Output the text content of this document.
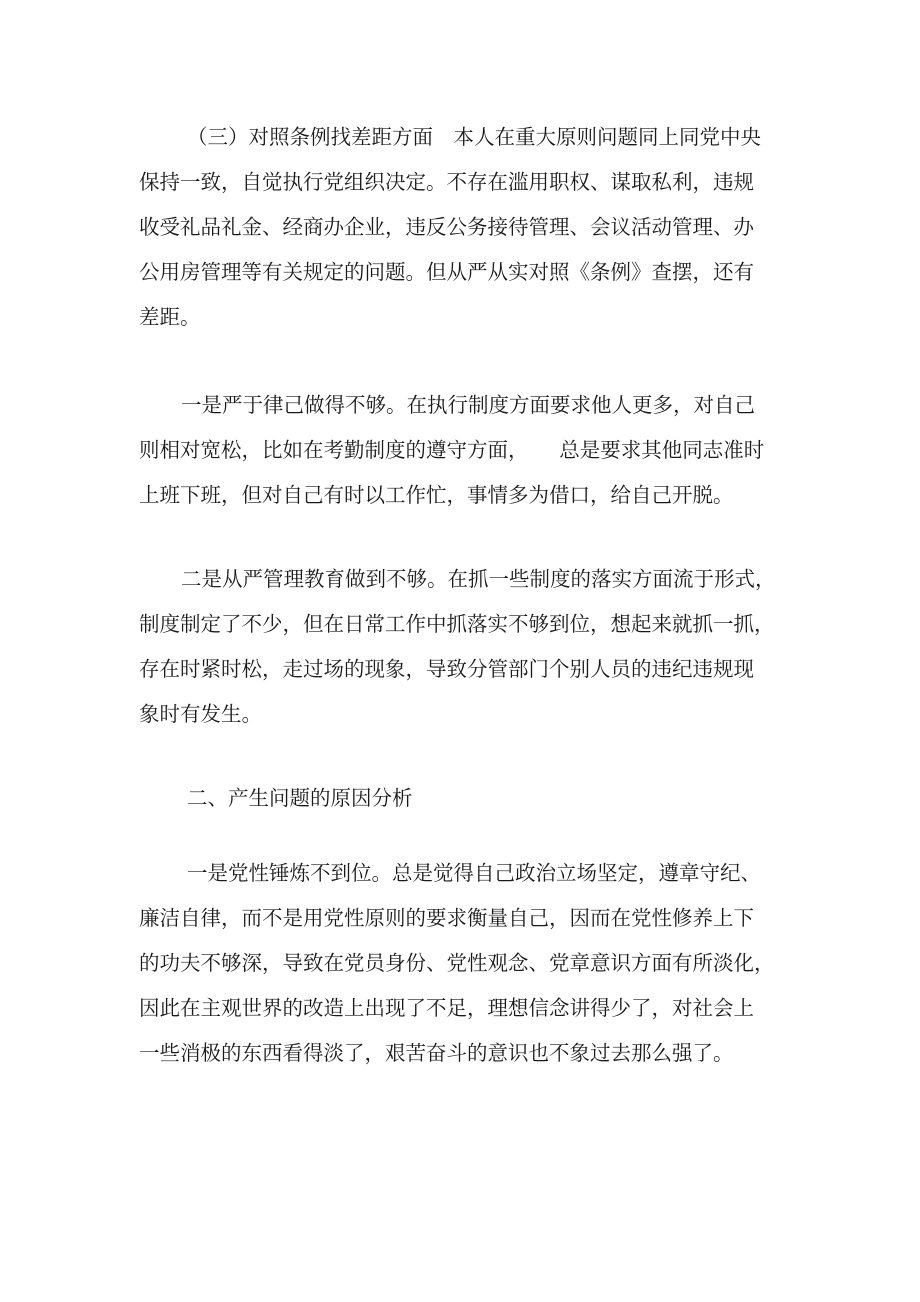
（三）对照条例找差距方面　本人在重大原则问题同上同党中央
保持一致，自觉执行党组织决定。不存在滥用职权、谋取私利，违规
收受礼品礼金、经商办企业，违反公务接待管理、会议活动管理、办
公用房管理等有关规定的问题。但从严从实对照《条例》查摆，还有
差距。
一是严于律己做得不够。在执行制度方面要求他人更多，对自己
则相对宽松，比如在考勤制度的遵守方面，　　总是要求其他同志准时
上班下班，但对自己有时以工作忙，事情多为借口，给自己开脱。
二是从严管理教育做到不够。在抓一些制度的落实方面流于形式，
制度制定了不少，但在日常工作中抓落实不够到位，想起来就抓一抓，
存在时紧时松，走过场的现象，导致分管部门个别人员的违纪违规现
象时有发生。
二、产生问题的原因分析
一是党性锤炼不到位。总是觉得自己政治立场坚定，遵章守纪、
廉洁自律，而不是用党性原则的要求衡量自己，因而在党性修养上下
的功夫不够深，导致在党员身份、党性观念、党章意识方面有所淡化，
因此在主观世界的改造上出现了不足，理想信念讲得少了，对社会上
一些消极的东西看得淡了，艰苦奋斗的意识也不象过去那么强了。
